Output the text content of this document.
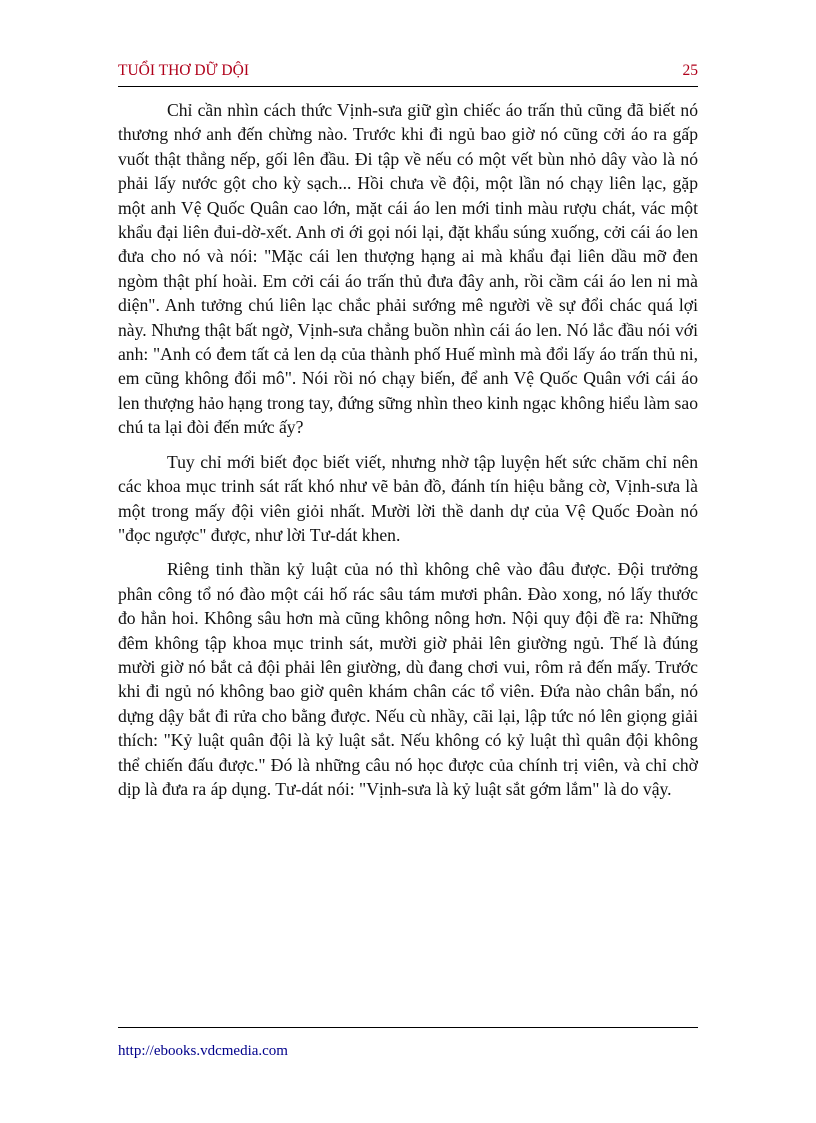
TUỔI THƠ DỮ DỘI	25

Chỉ cần nhìn cách thức Vịnh-sưa giữ gìn chiếc áo trấn thủ cũng đã biết nó thương nhớ anh đến chừng nào. Trước khi đi ngủ bao giờ nó cũng cởi áo ra gấp vuốt thật thẳng nếp, gối lên đầu. Đi tập về nếu có một vết bùn nhỏ dây vào là nó phải lấy nước gột cho kỳ sạch... Hồi chưa về đội, một lần nó chạy liên lạc, gặp một anh Vệ Quốc Quân cao lớn, mặt cái áo len mới tinh màu rượu chát, vác một khẩu đại liên đui-dờ-xết. Anh ơi ới gọi nói lại, đặt khẩu súng xuống, cởi cái áo len đưa cho nó và nói: "Mặc cái len thượng hạng ai mà khẩu đại liên dầu mỡ đen ngòm thật phí hoài. Em cởi cái áo trấn thủ đưa đây anh, rồi cầm cái áo len ni mà diện". Anh tưởng chú liên lạc chắc phải sướng mê người về sự đổi chác quá lợi này. Nhưng thật bất ngờ, Vịnh-sưa chẳng buồn nhìn cái áo len. Nó lắc đầu nói với anh: "Anh có đem tất cả len dạ của thành phố Huế mình mà đổi lấy áo trấn thủ ni, em cũng không đổi mô". Nói rồi nó chạy biến, để anh Vệ Quốc Quân với cái áo len thượng hảo hạng trong tay, đứng sững nhìn theo kinh ngạc không hiểu làm sao chú ta lại đòi đến mức ấy?

Tuy chỉ mới biết đọc biết viết, nhưng nhờ tập luyện hết sức chăm chỉ nên các khoa mục trinh sát rất khó như vẽ bản đồ, đánh tín hiệu bằng cờ, Vịnh-sưa là một trong mấy đội viên giỏi nhất. Mười lời thề danh dự của Vệ Quốc Đoàn nó "đọc ngược" được, như lời Tư-dát khen.

Riêng tinh thần kỷ luật của nó thì không chê vào đâu được. Đội trưởng phân công tổ nó đào một cái hố rác sâu tám mươi phân. Đào xong, nó lấy thước đo hẳn hoi. Không sâu hơn mà cũng không nông hơn. Nội quy đội đề ra: Những đêm không tập khoa mục trinh sát, mười giờ phải lên giường ngủ. Thế là đúng mười giờ nó bắt cả đội phải lên giường, dù đang chơi vui, rôm rả đến mấy. Trước khi đi ngủ nó không bao giờ quên khám chân các tổ viên. Đứa nào chân bẩn, nó dựng dậy bắt đi rửa cho bằng được. Nếu cù nhầy, cãi lại, lập tức nó lên giọng giải thích: "Kỷ luật quân đội là kỷ luật sắt. Nếu không có kỷ luật thì quân đội không thể chiến đấu được." Đó là những câu nó học được của chính trị viên, và chỉ chờ dịp là đưa ra áp dụng. Tư-dát nói: "Vịnh-sưa là kỷ luật sắt gớm lắm" là do vậy.

http://ebooks.vdcmedia.com
